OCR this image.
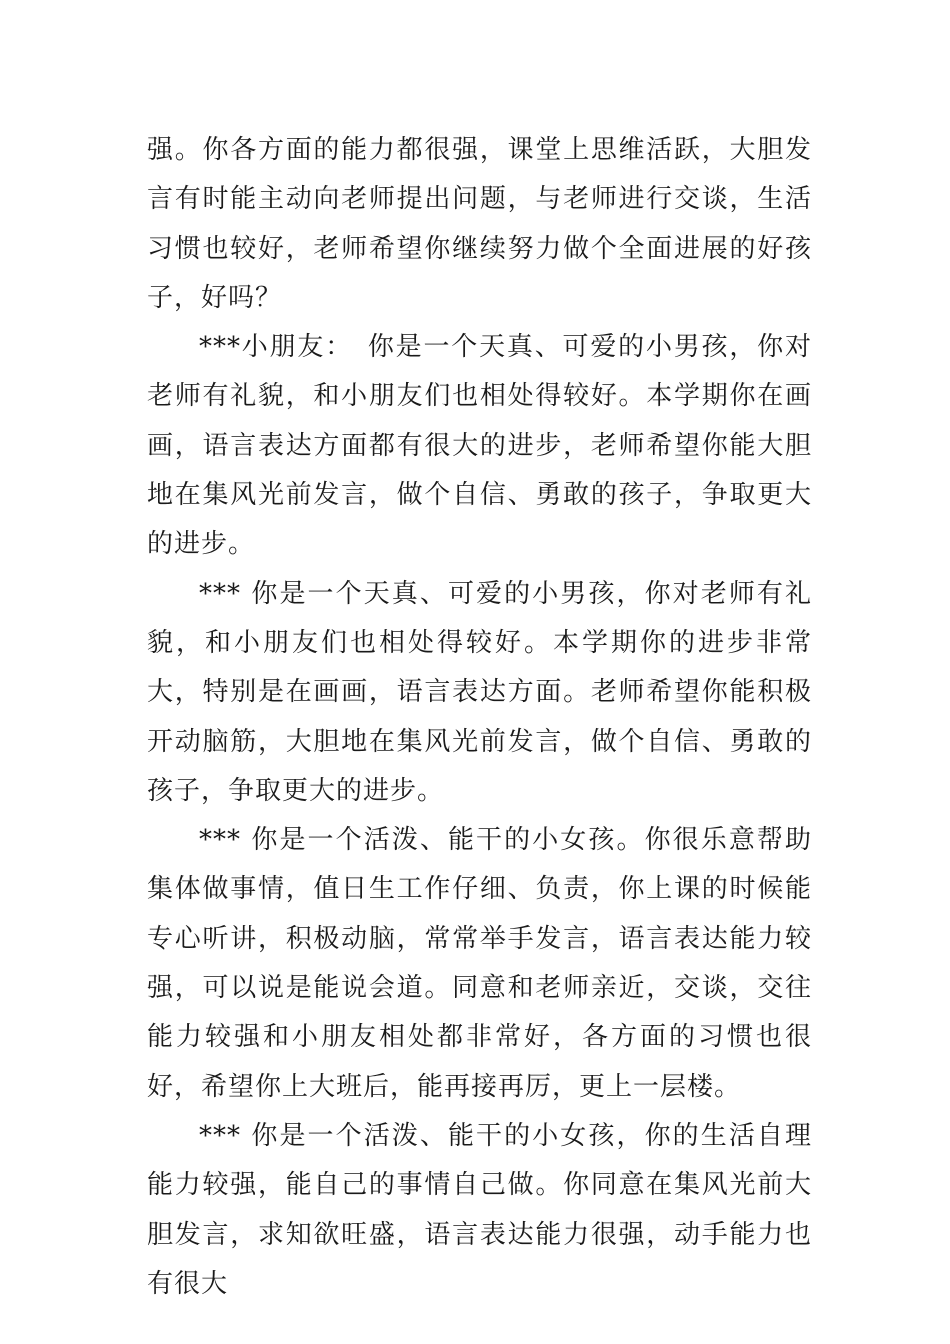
强。你各方面的能力都很强，课堂上思维活跃，大胆发言有时能主动向老师提出问题，与老师进行交谈，生活习惯也较好，老师希望你继续努力做个全面进展的好孩子，好吗？

***小朋友：　你是一个天真、可爱的小男孩，你对老师有礼貌，和小朋友们也相处得较好。本学期你在画画，语言表达方面都有很大的进步，老师希望你能大胆地在集风光前发言，做个自信、勇敢的孩子，争取更大的进步。

*** 你是一个天真、可爱的小男孩，你对老师有礼貌，和小朋友们也相处得较好。本学期你的进步非常大，特别是在画画，语言表达方面。老师希望你能积极开动脑筋，大胆地在集风光前发言，做个自信、勇敢的孩子，争取更大的进步。

*** 你是一个活泼、能干的小女孩。你很乐意帮助集体做事情，值日生工作仔细、负责，你上课的时候能专心听讲，积极动脑，常常举手发言，语言表达能力较强，可以说是能说会道。同意和老师亲近，交谈，交往能力较强和小朋友相处都非常好，各方面的习惯也很好，希望你上大班后，能再接再厉，更上一层楼。

*** 你是一个活泼、能干的小女孩，你的生活自理能力较强，能自己的事情自己做。你同意在集风光前大胆发言，求知欲旺盛，语言表达能力很强，动手能力也有很大
